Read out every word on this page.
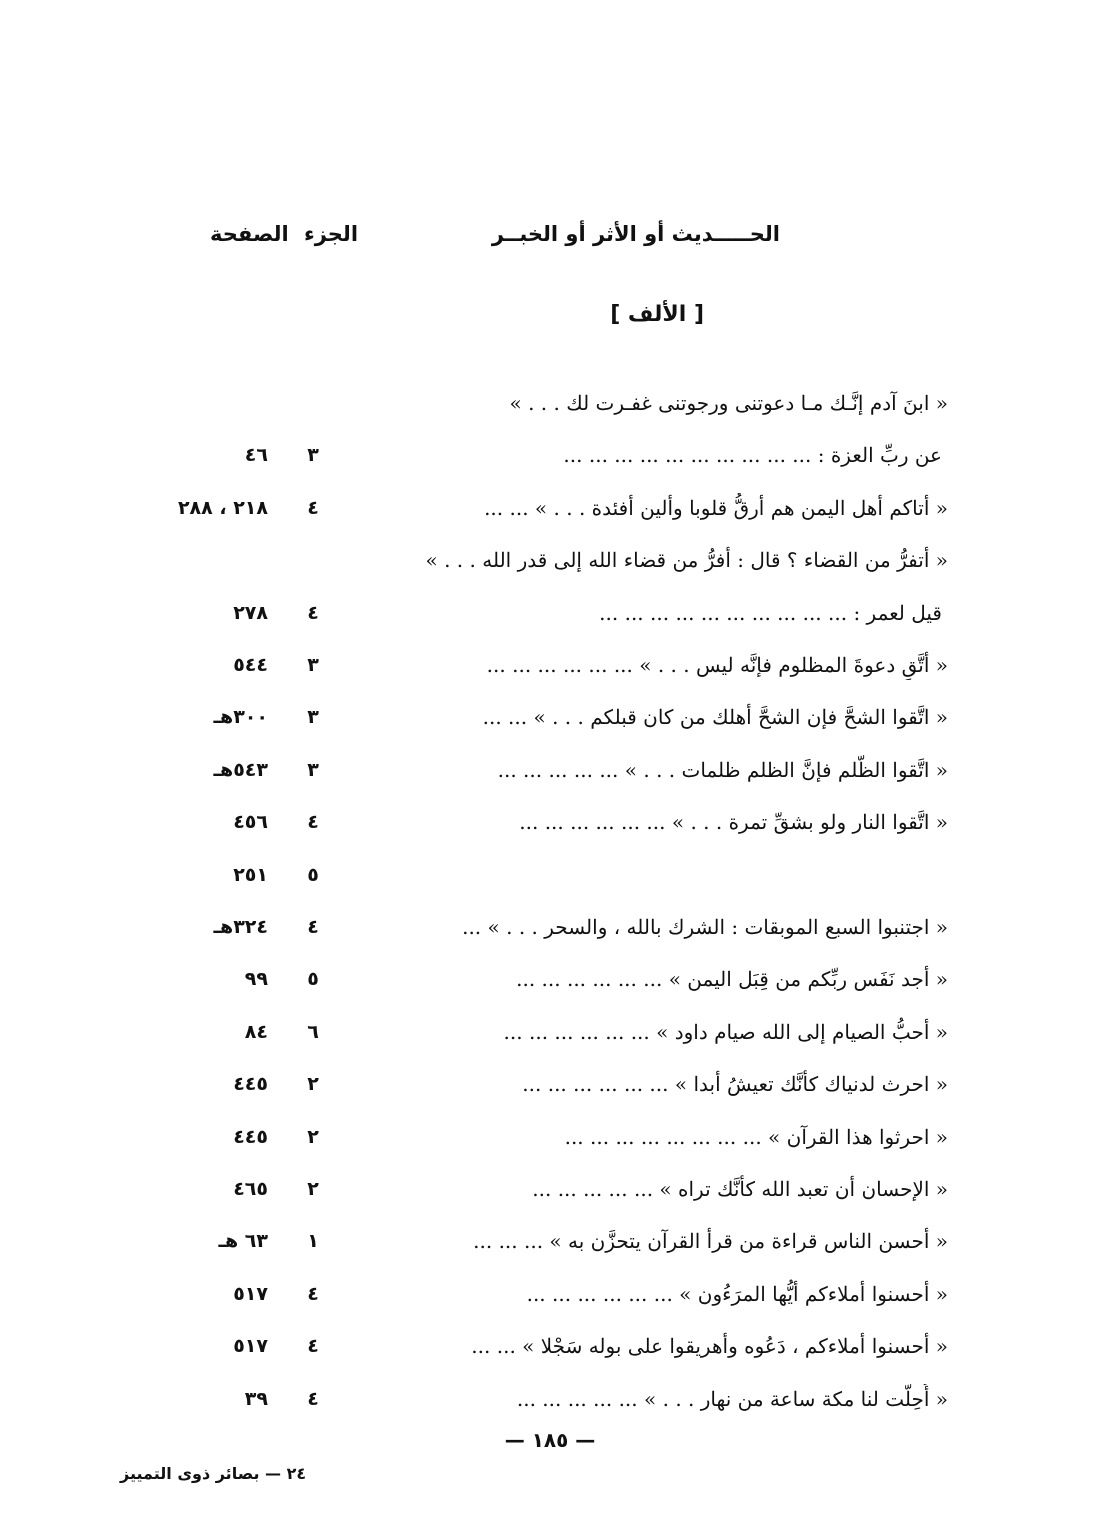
الحـــــديث أو الأثر أو الخبــر
الجزء
الصفحة
[ الألف ]
« ابنَ آدم إنَّـك مـا دعوتنى ورجوتنى غفـرت لك . . . »
عن ربِّ العزة : ... ... ... ... ... ... ... ... ... ...
٣
٤٦
« أتاكم أهل اليمن هم أرقُّ قلوبا وألين أفئدة . . . » ... ...
٤
٢١٨ ، ٢٨٨
« أتفرُّ من القضاء ؟ قال : أفرُّ من قضاء الله إلى قدر الله . . . »
قيل لعمر : ... ... ... ... ... ... ... ... ... ...
٤
٢٧٨
« أتَّقِ دعوةَ المظلوم فإنَّه ليس . . . » ... ... ... ... ... ...
٣
٥٤٤
« اتَّقوا الشحَّ فإن الشحَّ أهلك من كان قبلكم . . . » ... ...
٣
٣٠٠هـ
« اتَّقوا الظُّلم فإنَّ الظلم ظلمات . . . » ... ... ... ... ...
٣
٥٤٣هـ
« اتَّقوا النار ولو بشقِّ تمرة . . . » ... ... ... ... ... ...
٤
٤٥٦
٥
٢٥١
« اجتنبوا السبع الموبقات : الشرك بالله ، والسحر . . . » ...
٤
٣٢٤هـ
« أجد نَفَس ربِّكم من قِبَل اليمن » ... ... ... ... ... ...
٥
٩٩
« أحبُّ الصيام إلى الله صيام داود » ... ... ... ... ... ...
٦
٨٤
« احرث لدنياك كأنَّك تعيشُ أبدا » ... ... ... ... ... ...
٢
٤٤٥
« احرثوا هذا القرآن » ... ... ... ... ... ... ... ...
٢
٤٤٥
« الإحسان أن تعبد الله كأنَّك تراه » ... ... ... ... ...
٢
٤٦٥
« أحسن الناس قراءة من قرأ القرآن يتحزَّن به » ... ... ...
١
٦٣ هـ
« أحسنوا أملاءكم أيُّها المرَءُون » ... ... ... ... ... ...
٤
٥١٧
« أحسنوا أملاءكم ، دَعُوه وأهريقوا على بوله سَجْلا » ... ...
٤
٥١٧
« أُحِلَّت لنا مكة ساعة من نهار . . . » ... ... ... ... ...
٤
٣٩
— ١٨٥ —
٢٤ — بصائر ذوى التمييز
